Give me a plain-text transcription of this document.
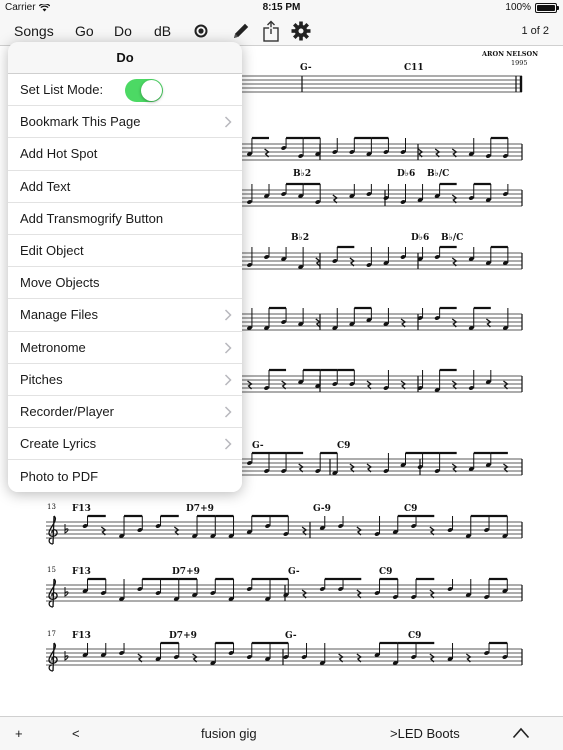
Carrier	8:15 PM	100%
Songs Go Do dB	1 of 2
ARON NELSON
1995
13
15
17
G-	C11
B♭2	D♭6 B♭/C
B♭2	D♭6 B♭/C
G-	C9
F13	D7+9	G-9	C9
F13	D7+9	G-	C9
F13	D7+9	G-	C9
Do
Set List Mode:
Bookmark This Page
Add Hot Spot
Add Text
Add Transmogrify Button
Edit Object
Move Objects
Manage Files
Metronome
Pitches
Recorder/Player
Create Lyrics
Photo to PDF
+	<	fusion gig	>LED Boots
